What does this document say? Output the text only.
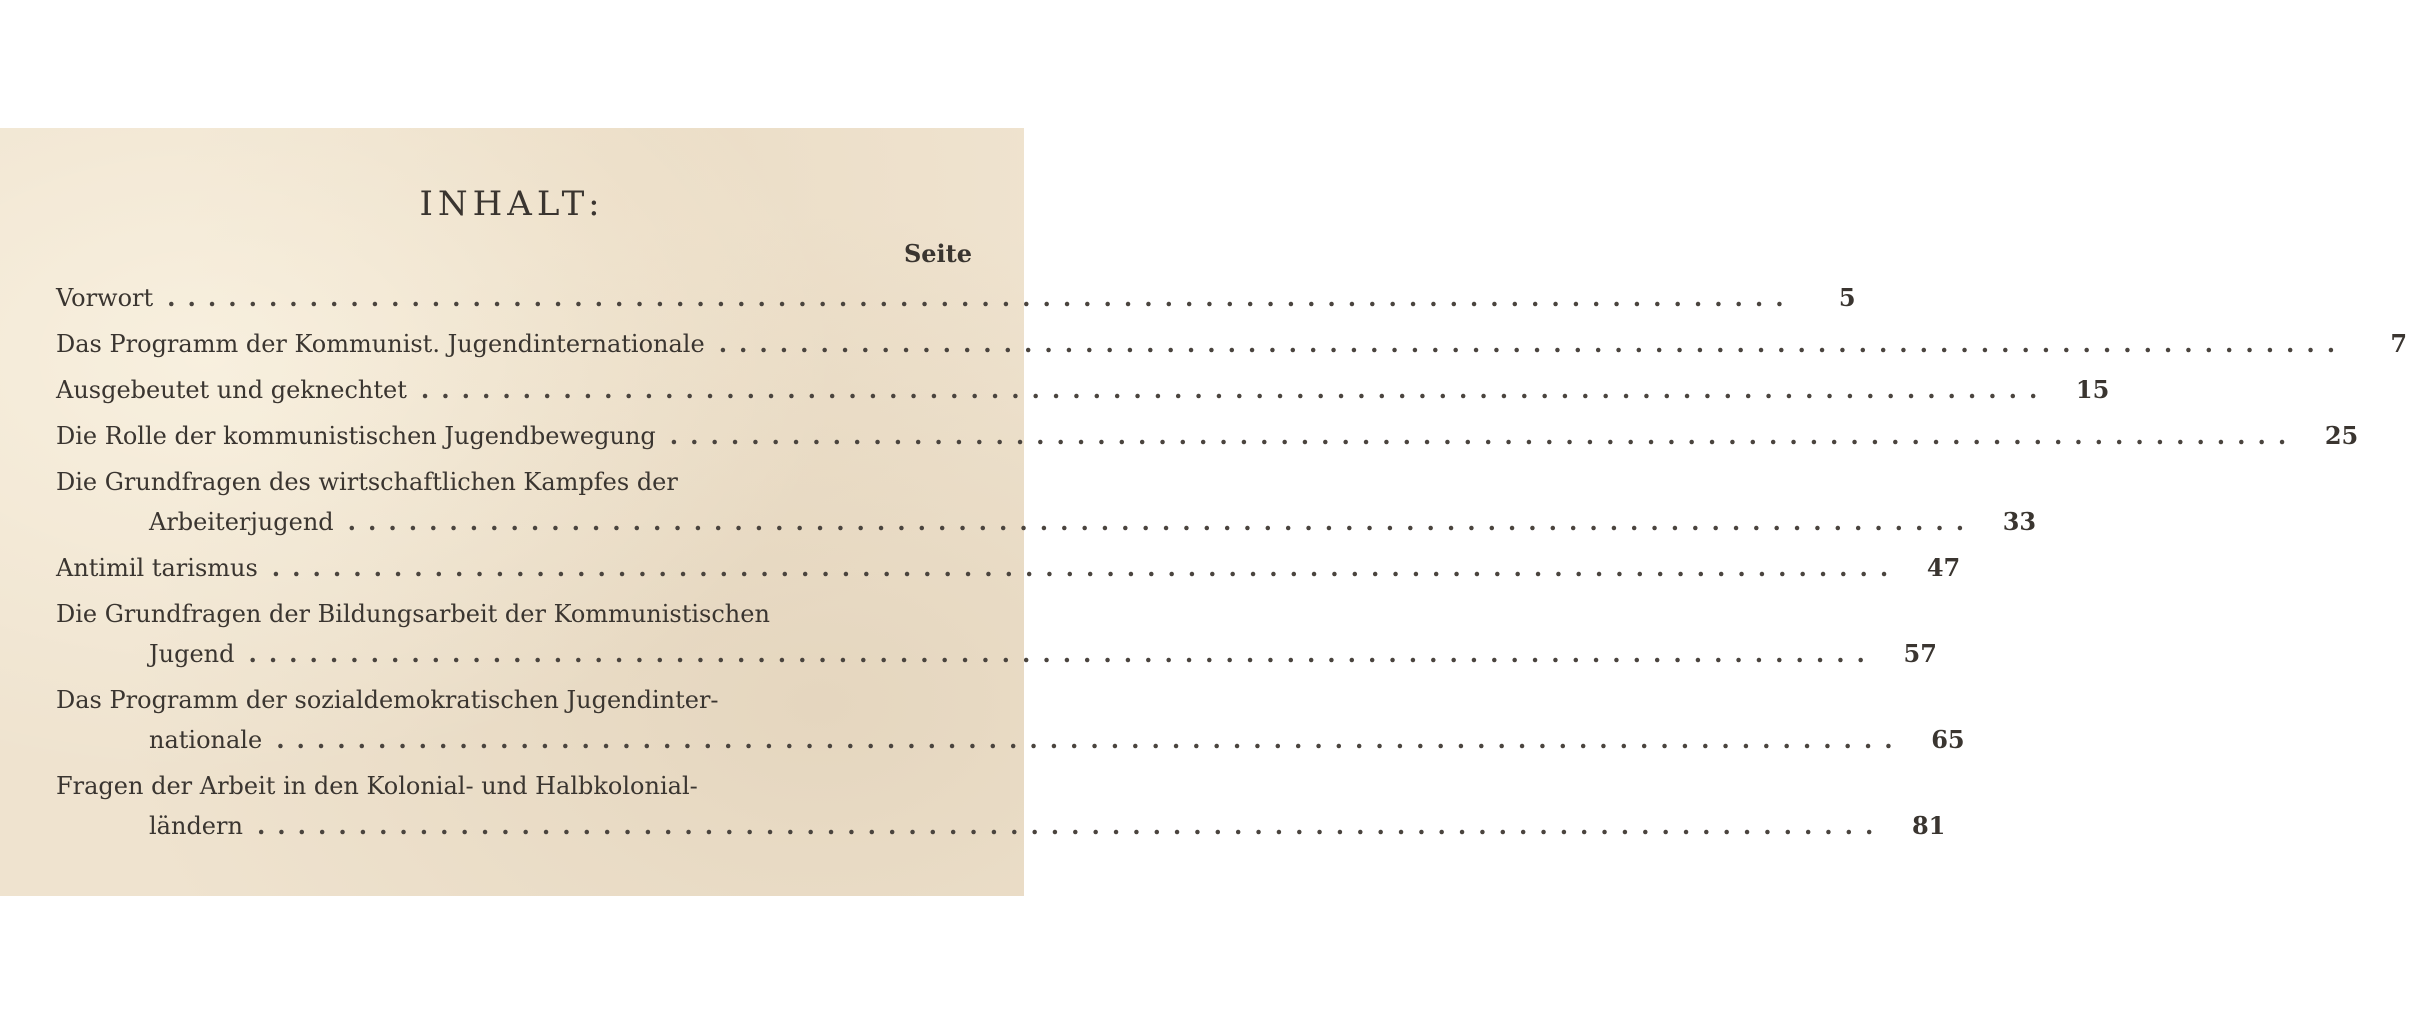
INHALT:
Seite
Vorwort ................................................................................	5
Das Programm der Kommunist. Jugendinternationale ................................................................................	7
Ausgebeutet und geknechtet ................................................................................	15
Die Rolle der kommunistischen Jugendbewegung ................................................................................	25
Die Grundfragen des wirtschaftlichen Kampfes der
Arbeiterjugend ................................................................................	33
Antimil tarismus ................................................................................	47
Die Grundfragen der Bildungsarbeit der Kommunistischen
Jugend ................................................................................	57
Das Programm der sozialdemokratischen Jugendinter-
nationale ................................................................................	65
Fragen der Arbeit in den Kolonial- und Halbkolonial-
ländern ................................................................................	81
